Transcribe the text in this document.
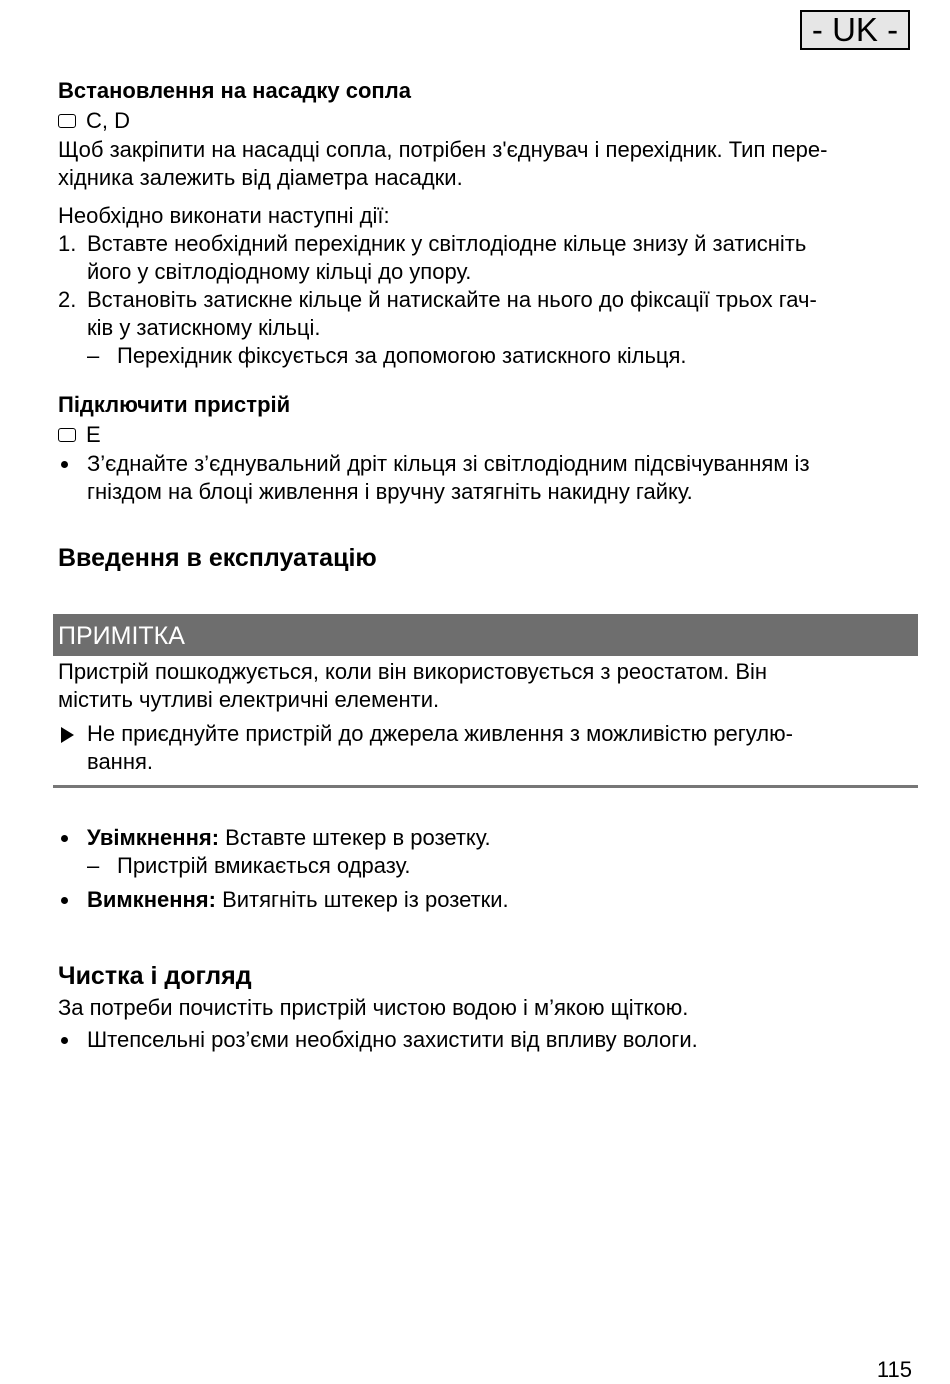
- UK -
Встановлення на насадку сопла
C, D

Щоб закріпити на насадці сопла, потрібен з'єднувач і перехідник. Тип пере-

хідника залежить від діаметра насадки.

Необхідно виконати наступні дії:

1. Вставте необхідний перехідник у світлодіодне кільце знизу й затисніть
його у світлодіодному кільці до упору.
2. Встановіть затискне кільце й натискайте на нього до фіксації трьох гач-
ків у затискному кільці.
– Перехідник фіксується за допомогою затискного кільця.
Підключити пристрій
E
З’єднайте з’єднувальний дріт кільця зі світлодіодним підсвічуванням із
гніздом на блоці живлення і вручну затягніть накидну гайку.
Введення в експлуатацію
ПРИМІТКА

Пристрій пошкоджується, коли він використовується з реостатом. Він

містить чутливі електричні елементи.

Не приєднуйте пристрій до джерела живлення з можливістю регулю-
вання.
Увімкнення: Вставте штекер в розетку.
– Пристрій вмикається одразу.
Вимкнення: Витягніть штекер із розетки.
Чистка і догляд

За потреби почистіть пристрій чистою водою і м’якою щіткою.

Штепсельні роз’єми необхідно захистити від впливу вологи.
115
